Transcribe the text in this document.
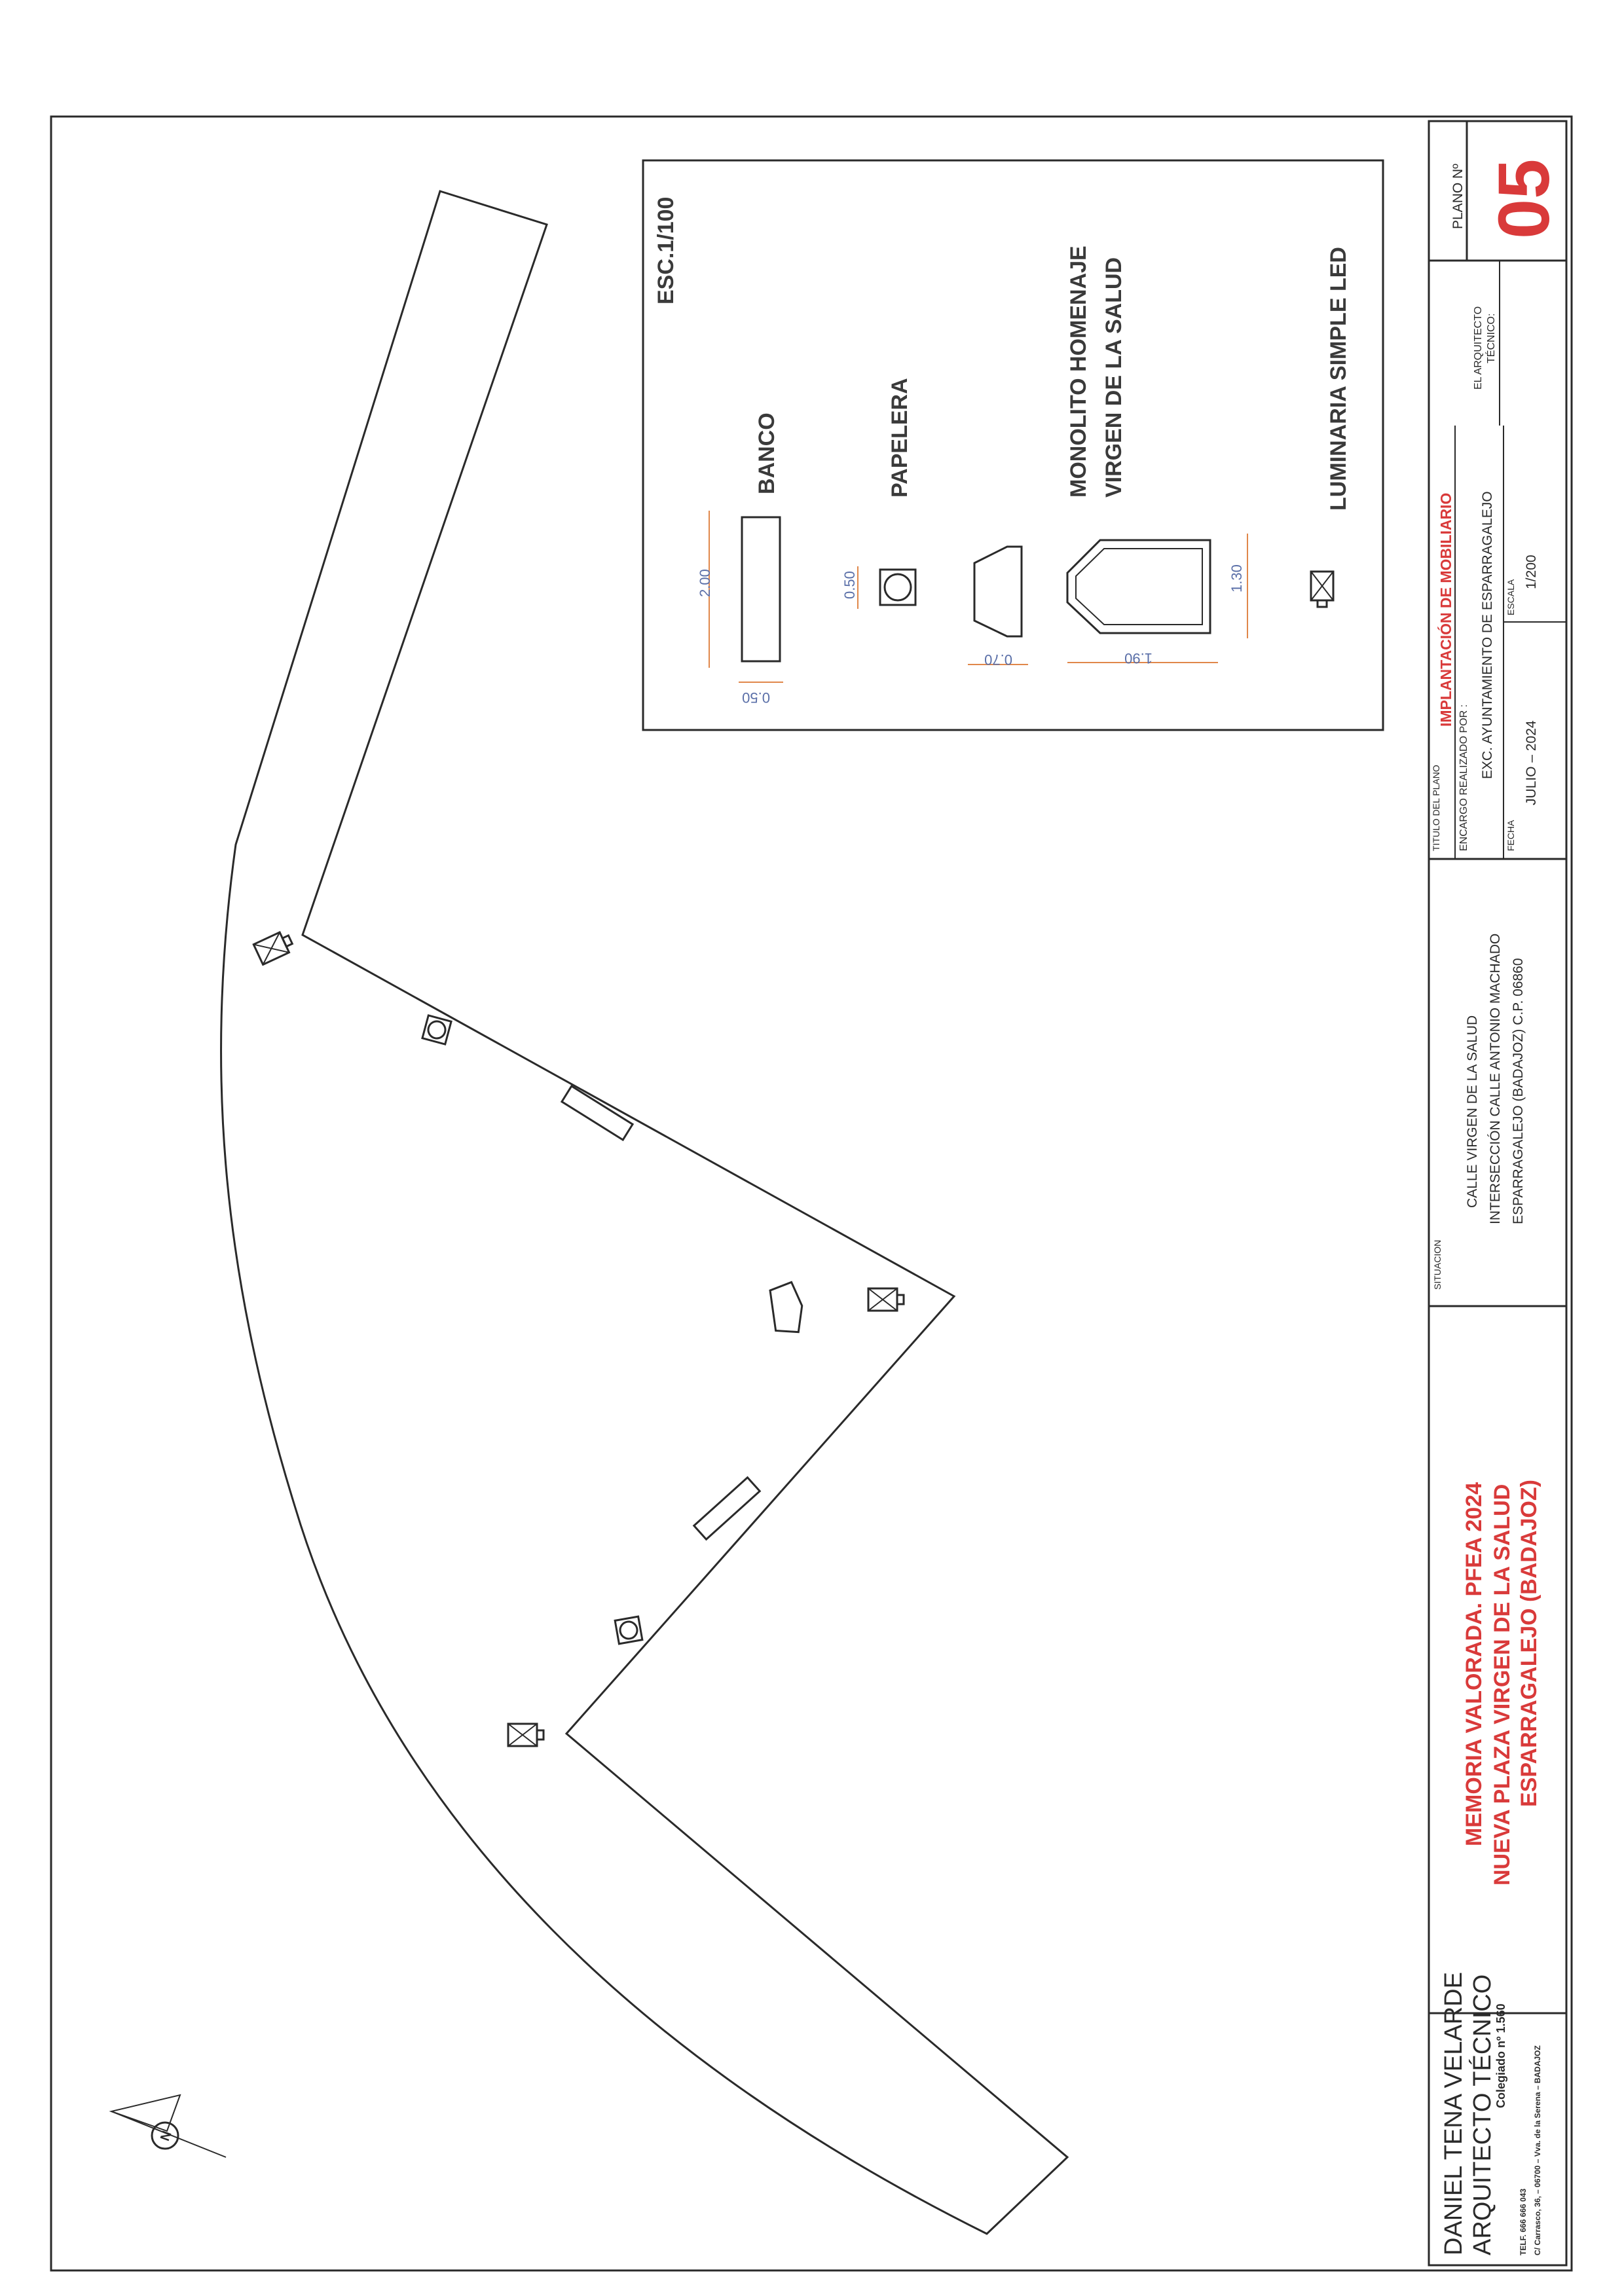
N
ESC.1/100
2.00
0.50
BANCO
0.50
PAPELERA
0.70	1.90
1.30
MONOLITO HOMENAJE VIRGEN DE LA SALUD	LUMINARIA SIMPLE LED
PLANO Nº 05
EL ARQUITECTO TÉCNICO:
TITULO DEL PLANO
IMPLANTACIÓN DE MOBILIARIO
ENCARGO REALIZADO POR : EXC. AYUNTAMIENTO DE ESPARRAGALEJO
FECHA
JULIO – 2024
ESCALA
1/200
SITUACION
CALLE VIRGEN DE LA SALUD INTERSECCIÓN CALLE ANTONIO MACHADO ESPARRAGALEJO (BADAJOZ) C.P. 06860
MEMORIA VALORADA. PFEA 2024 NUEVA PLAZA VIRGEN DE LA SALUD ESPARRAGALEJO (BADAJOZ)
DANIEL TENA VELARDE ARQUITECTO TÉCNICO
Colegiado nº 1.560
TELF. 666 666 043 C/ Carrasco, 36, – 06700 – Vva. de la Serena – BADAJOZ
